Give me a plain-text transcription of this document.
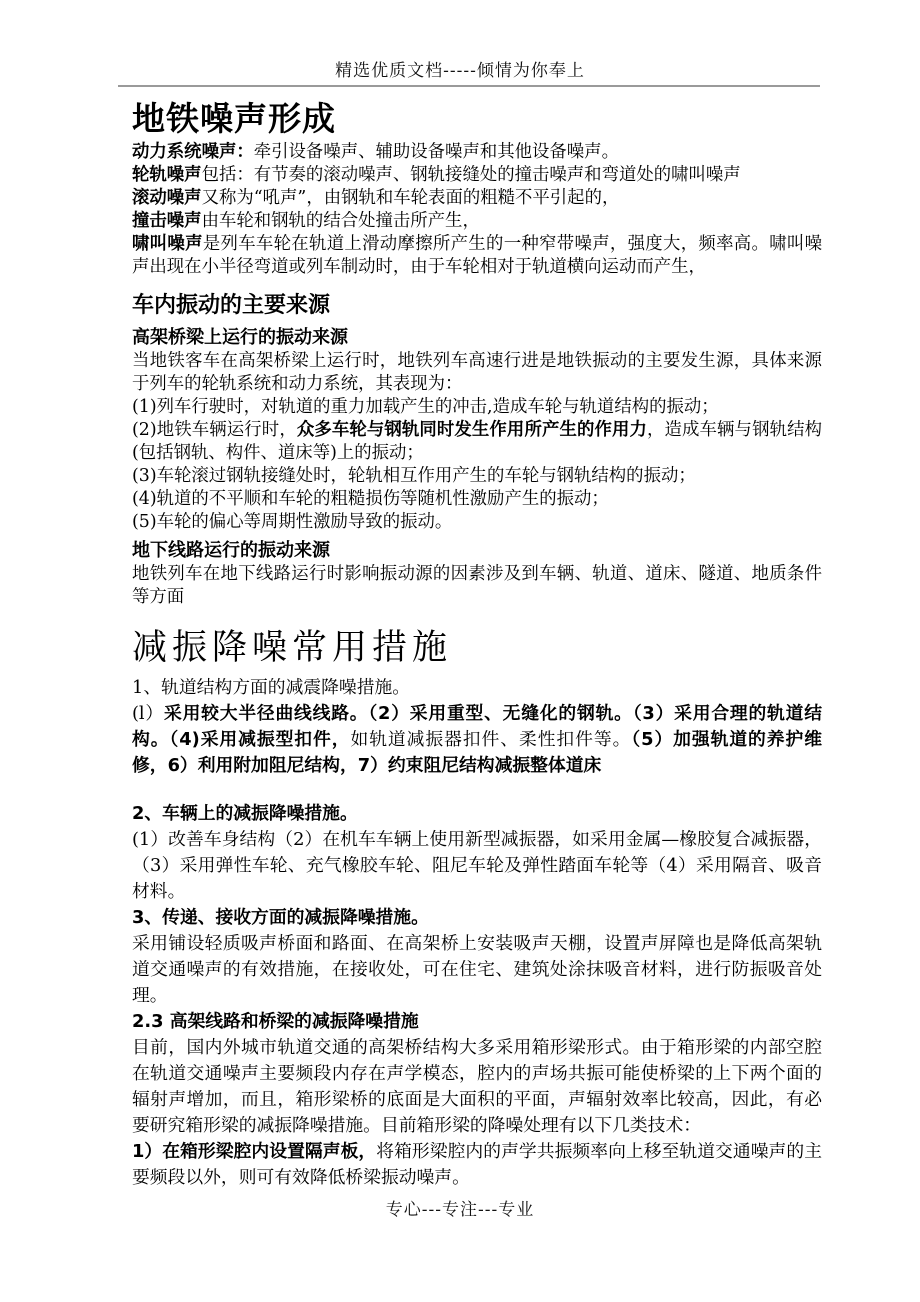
精选优质文档-----倾情为你奉上
地铁噪声形成
动力系统噪声：牵引设备噪声、辅助设备噪声和其他设备噪声。
轮轨噪声包括：有节奏的滚动噪声、钢轨接缝处的撞击噪声和弯道处的啸叫噪声
滚动噪声又称为“吼声”，由钢轨和车轮表面的粗糙不平引起的，
撞击噪声由车轮和钢轨的结合处撞击所产生，
啸叫噪声是列车车轮在轨道上滑动摩擦所产生的一种窄带噪声，强度大，频率高。啸叫噪声出现在小半径弯道或列车制动时，由于车轮相对于轨道横向运动而产生，
车内振动的主要来源
高架桥梁上运行的振动来源
当地铁客车在高架桥梁上运行时，地铁列车高速行进是地铁振动的主要发生源，具体来源于列车的轮轨系统和动力系统，其表现为：
(1)列车行驶时，对轨道的重力加载产生的冲击,造成车轮与轨道结构的振动；
(2)地铁车辆运行时，众多车轮与钢轨同时发生作用所产生的作用力，造成车辆与钢轨结构(包括钢轨、构件、道床等)上的振动；
(3)车轮滚过钢轨接缝处时，轮轨相互作用产生的车轮与钢轨结构的振动；
(4)轨道的不平顺和车轮的粗糙损伤等随机性激励产生的振动；
(5)车轮的偏心等周期性激励导致的振动。
地下线路运行的振动来源
地铁列车在地下线路运行时影响振动源的因素涉及到车辆、轨道、道床、隧道、地质条件等方面
减振降噪常用措施
1、轨道结构方面的减震降噪措施。
(l）采用较大半径曲线线路。（2）采用重型、无缝化的钢轨。（3）采用合理的轨道结构。（4)采用减振型扣件，如轨道减振器扣件、柔性扣件等。（5）加强轨道的养护维修，6）利用附加阻尼结构，7）约束阻尼结构减振整体道床
2、车辆上的减振降噪措施。
(1）改善车身结构（2）在机车车辆上使用新型减振器，如采用金属—橡胶复合减振器，（3）采用弹性车轮、充气橡胶车轮、阻尼车轮及弹性踏面车轮等（4）采用隔音、吸音材料。
3、传递、接收方面的减振降噪措施。
采用铺设轻质吸声桥面和路面、在高架桥上安装吸声天棚，设置声屏障也是降低高架轨道交通噪声的有效措施，在接收处，可在住宅、建筑处涂抹吸音材料，进行防振吸音处理。
2.3 高架线路和桥梁的减振降噪措施
目前，国内外城市轨道交通的高架桥结构大多采用箱形梁形式。由于箱形梁的内部空腔在轨道交通噪声主要频段内存在声学模态，腔内的声场共振可能使桥梁的上下两个面的辐射声增加，而且，箱形梁桥的底面是大面积的平面，声辐射效率比较高，因此，有必要研究箱形梁的减振降噪措施。目前箱形梁的降噪处理有以下几类技术：
1）在箱形梁腔内设置隔声板，将箱形梁腔内的声学共振频率向上移至轨道交通噪声的主要频段以外，则可有效降低桥梁振动噪声。
专心---专注---专业
